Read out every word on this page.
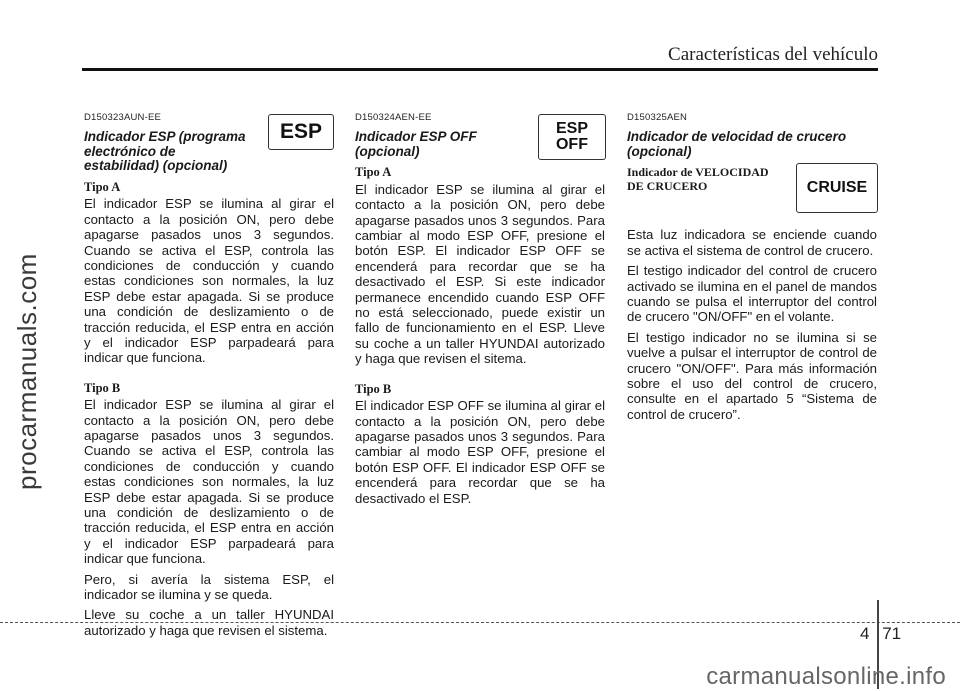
Características del vehículo
procarmanuals.com
D150323AUN-EE
Indicador ESP (programa electrónico de estabilidad) (opcional)
Tipo A

El indicador ESP se ilumina al girar el contacto a la posición ON, pero debe apagarse pasados unos 3 segundos. Cuando se activa el ESP, controla las condiciones de conducción y cuando estas condiciones son normales, la luz ESP debe estar apagada. Si se produce una condición de deslizamiento o de tracción reducida, el ESP entra en acción y el indicador ESP parpadeará para indicar que funciona.

Tipo B

El indicador ESP se ilumina al girar el contacto a la posición ON, pero debe apagarse pasados unos 3 segundos. Cuando se activa el ESP, controla las condiciones de conducción y cuando estas condiciones son normales, la luz ESP debe estar apagada. Si se produce una condición de deslizamiento o de tracción reducida, el ESP entra en acción y el indicador ESP parpadeará para indicar que funciona.

Pero, si avería la sistema ESP, el indicador se ilumina y se queda.

Lleve su coche a un taller HYUNDAI autorizado y haga que revisen el sistema.

ESP
D150324AEN-EE
Indicador ESP OFF (opcional)
Tipo A

El indicador ESP se ilumina al girar el contacto a la posición ON, pero debe apagarse pasados unos 3 segundos. Para cambiar al modo ESP OFF, presione el botón ESP. El indicador ESP OFF se encenderá para recordar que se ha desactivado el ESP. Si este indicador permanece encendido cuando ESP OFF no está seleccionado, puede existir un fallo de funcionamiento en el ESP. Lleve su coche a un taller HYUNDAI autorizado y haga que revisen el sitema.

Tipo B

El indicador ESP OFF se ilumina al girar el contacto a la posición ON, pero debe apagarse pasados unos 3 segundos. Para cambiar al modo ESP OFF, presione el botón ESP OFF. El indicador ESP OFF se encenderá para recordar que se ha desactivado el ESP.

ESP
OFF
D150325AEN
Indicador de velocidad de crucero (opcional)
Indicador de VELOCIDAD DE CRUCERO

Esta luz indicadora se enciende cuando se activa el sistema de control de crucero.

El testigo indicador del control de crucero activado se ilumina en el panel de mandos cuando se pulsa el interruptor del control de crucero "ON/OFF" en el volante.

El testigo indicador no se ilumina si se vuelve a pulsar el interruptor de control de crucero "ON/OFF". Para más información sobre el uso del control de crucero, consulte en el apartado 5 “Sistema de control de crucero”.

CRUISE
4 71
carmanualsonline.info
